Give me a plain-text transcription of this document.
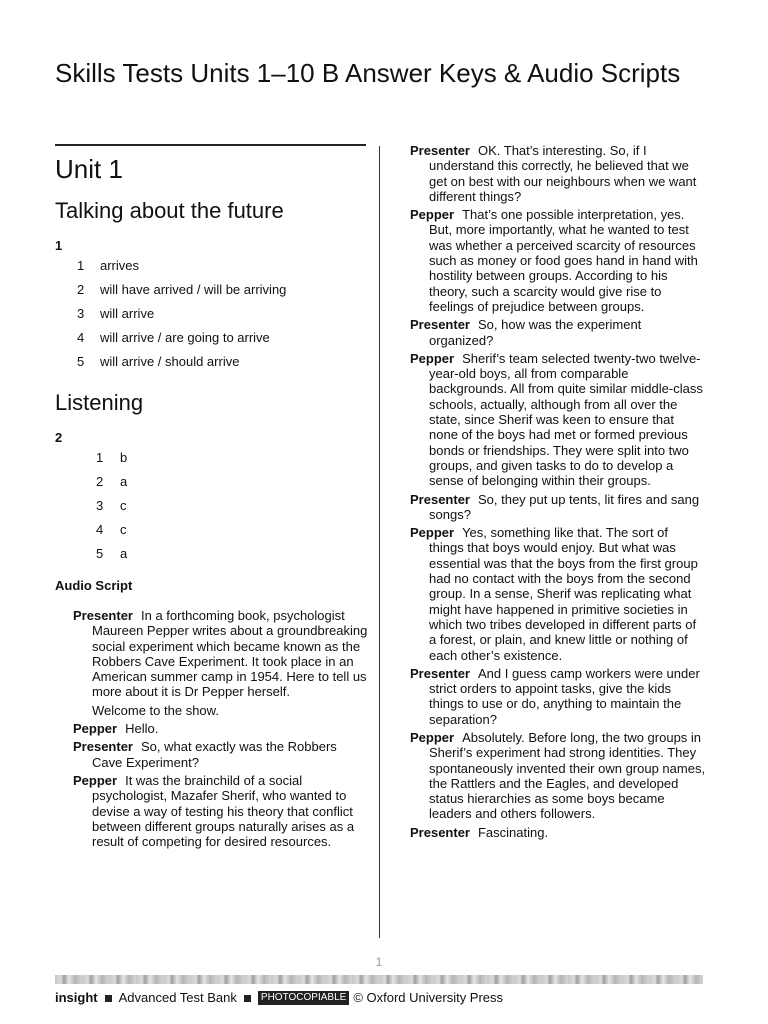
Skills Tests Units 1–10 B Answer Keys & Audio Scripts
Unit 1
Talking about the future
1
1 arrives
2 will have arrived / will be arriving
3 will arrive
4 will arrive / are going to arrive
5 will arrive / should arrive
Listening
2
1 b
2 a
3 c
4 c
5 a
Audio Script

Presenter In a forthcoming book, psychologist Maureen Pepper writes about a groundbreaking social experiment which became known as the Robbers Cave Experiment. It took place in an American summer camp in 1954. Here to tell us more about it is Dr Pepper herself.

Welcome to the show.

Pepper Hello.

Presenter So, what exactly was the Robbers Cave Experiment?

Pepper It was the brainchild of a social psychologist, Mazafer Sherif, who wanted to devise a way of testing his theory that conflict between different groups naturally arises as a result of competing for desired resources.

Presenter OK. That’s interesting. So, if I understand this correctly, he believed that we get on best with our neighbours when we want different things?

Pepper That’s one possible interpretation, yes. But, more importantly, what he wanted to test was whether a perceived scarcity of resources such as money or food goes hand in hand with hostility between groups. According to his theory, such a scarcity would give rise to feelings of prejudice between groups.

Presenter So, how was the experiment organized?

Pepper Sherif’s team selected twenty-two twelve-year-old boys, all from comparable backgrounds. All from quite similar middle-class schools, actually, although from all over the state, since Sherif was keen to ensure that none of the boys had met or formed previous bonds or friendships. They were split into two groups, and given tasks to do to develop a sense of belonging within their groups.

Presenter So, they put up tents, lit fires and sang songs?

Pepper Yes, something like that. The sort of things that boys would enjoy. But what was essential was that the boys from the first group had no contact with the boys from the second group. In a sense, Sherif was replicating what might have happened in primitive societies in which two tribes developed in different parts of a forest, or plain, and knew little or nothing of each other’s existence.

Presenter And I guess camp workers were under strict orders to appoint tasks, give the kids things to use or do, anything to maintain the separation?

Pepper Absolutely. Before long, the two groups in Sherif’s experiment had strong identities. They spontaneously invented their own group names, the Rattlers and the Eagles, and developed status hierarchies as some boys became leaders and others followers.

Presenter Fascinating.

1
insight Advanced Test Bank	PHOTOCOPIABLE © Oxford University Press
